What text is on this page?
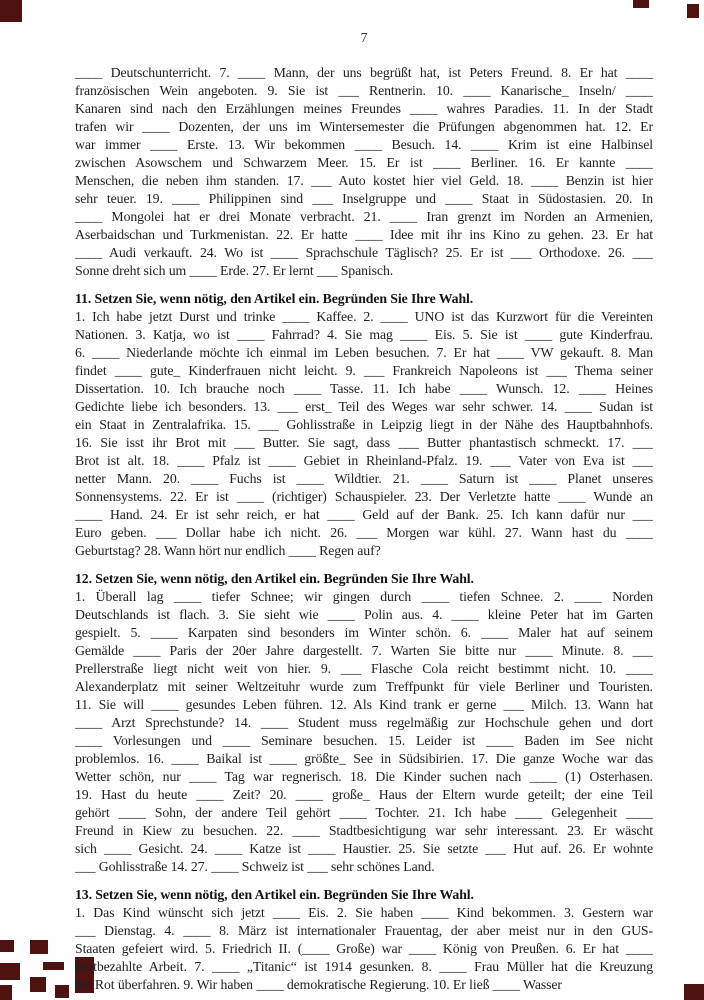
7
____ Deutschunterricht. 7. ____ Mann, der uns begrüßt hat, ist Peters Freund. 8. Er hat ____
französischen Wein angeboten. 9. Sie ist ___ Rentnerin. 10. ____ Kanarische_ Inseln/ ____
Kanaren sind nach den Erzählungen meines Freundes ____ wahres Paradies. 11. In der Stadt
trafen wir ____ Dozenten, der uns im Wintersemester die Prüfungen abgenommen hat. 12. Er
war immer ____ Erste. 13. Wir bekommen ____ Besuch. 14. ____ Krim ist eine Halbinsel
zwischen Asowschem und Schwarzem Meer. 15. Er ist ____ Berliner. 16. Er kannte ____
Menschen, die neben ihm standen. 17. ___ Auto kostet hier viel Geld. 18. ____ Benzin ist hier
sehr teuer. 19. ____ Philippinen sind ___ Inselgruppe und ____ Staat in Südostasien. 20. In
____ Mongolei hat er drei Monate verbracht. 21. ____ Iran grenzt im Norden an Armenien,
Aserbaidschan und Turkmenistan. 22. Er hatte ____ Idee mit ihr ins Kino zu gehen. 23. Er hat
____ Audi verkauft. 24. Wo ist ____ Sprachschule Täglisch? 25. Er ist ___ Orthodoxe. 26. ___
Sonne dreht sich um ____ Erde. 27. Er lernt ___ Spanisch.
11. Setzen Sie, wenn nötig, den Artikel ein. Begründen Sie Ihre Wahl.
1. Ich habe jetzt Durst und trinke ____ Kaffee. 2. ____ UNO ist das Kurzwort für die Vereinten
Nationen. 3. Katja, wo ist ____ Fahrrad? 4. Sie mag ____ Eis. 5. Sie ist ____ gute Kinderfrau.
6. ____ Niederlande möchte ich einmal im Leben besuchen. 7. Er hat ____ VW gekauft. 8. Man
findet ____ gute_ Kinderfrauen nicht leicht. 9. ___ Frankreich Napoleons ist ___ Thema seiner
Dissertation. 10. Ich brauche noch ____ Tasse. 11. Ich habe ____ Wunsch. 12. ____ Heines
Gedichte liebe ich besonders. 13. ___ erst_ Teil des Weges war sehr schwer. 14. ____ Sudan ist
ein Staat in Zentralafrika. 15. ___ Gohlisstraße in Leipzig liegt in der Nähe des Hauptbahnhofs.
16. Sie isst ihr Brot mit ___ Butter. Sie sagt, dass ___ Butter phantastisch schmeckt. 17. ___
Brot ist alt. 18. ____ Pfalz ist ____ Gebiet in Rheinland-Pfalz. 19. ___ Vater von Eva ist ___
netter Mann. 20. ____ Fuchs ist ____ Wildtier. 21. ____ Saturn ist ____ Planet unseres
Sonnensystems. 22. Er ist ____ (richtiger) Schauspieler. 23. Der Verletzte hatte ____ Wunde an
____ Hand. 24. Er ist sehr reich, er hat ____ Geld auf der Bank. 25. Ich kann dafür nur ___
Euro geben. ___ Dollar habe ich nicht. 26. ___ Morgen war kühl. 27. Wann hast du ____
Geburtstag? 28. Wann hört nur endlich ____ Regen auf?
12. Setzen Sie, wenn nötig, den Artikel ein. Begründen Sie Ihre Wahl.
1. Überall lag ____ tiefer Schnee; wir gingen durch ____ tiefen Schnee. 2. ____ Norden
Deutschlands ist flach. 3. Sie sieht wie ____ Polin aus. 4. ____ kleine Peter hat im Garten
gespielt. 5. ____ Karpaten sind besonders im Winter schön. 6. ____ Maler hat auf seinem
Gemälde ____ Paris der 20er Jahre dargestellt. 7. Warten Sie bitte nur ____ Minute. 8. ___
Prellerstraße liegt nicht weit von hier. 9. ___ Flasche Cola reicht bestimmt nicht. 10. ____
Alexanderplatz mit seiner Weltzeituhr wurde zum Treffpunkt für viele Berliner und Touristen.
11. Sie will ____ gesundes Leben führen. 12. Als Kind trank er gerne ___ Milch. 13. Wann hat
____ Arzt Sprechstunde? 14. ____ Student muss regelmäßig zur Hochschule gehen und dort
____ Vorlesungen und ____ Seminare besuchen. 15. Leider ist ____ Baden im See nicht
problemlos. 16. ____ Baikal ist ____ größte_ See in Südsibirien. 17. Die ganze Woche war das
Wetter schön, nur ____ Tag war regnerisch. 18. Die Kinder suchen nach ____ (1) Osterhasen.
19. Hast du heute ____ Zeit? 20. ____ große_ Haus der Eltern wurde geteilt; der eine Teil
gehört ____ Sohn, der andere Teil gehört ____ Tochter. 21. Ich habe ____ Gelegenheit ____
Freund in Kiew zu besuchen. 22. ____ Stadtbesichtigung war sehr interessant. 23. Er wäscht
sich ____ Gesicht. 24. ____ Katze ist ____ Haustier. 25. Sie setzte ___ Hut auf. 26. Er wohnte
___ Gohlisstraße 14. 27. ____ Schweiz ist ___ sehr schönes Land.
13. Setzen Sie, wenn nötig, den Artikel ein. Begründen Sie Ihre Wahl.
1. Das Kind wünscht sich jetzt ____ Eis. 2. Sie haben ____ Kind bekommen. 3. Gestern war
___ Dienstag. 4. ____ 8. März ist internationaler Frauentag, der aber meist nur in den GUS-
Staaten gefeiert wird. 5. Friedrich II. (____ Große) war ____ König von Preußen. 6. Er hat ____
bestbezahlte Arbeit. 7. ____ „Titanic“ ist 1914 gesunken. 8. ____ Frau Müller hat die Kreuzung
bei Rot überfahren. 9. Wir haben ____ demokratische Regierung. 10. Er ließ ____ Wasser
